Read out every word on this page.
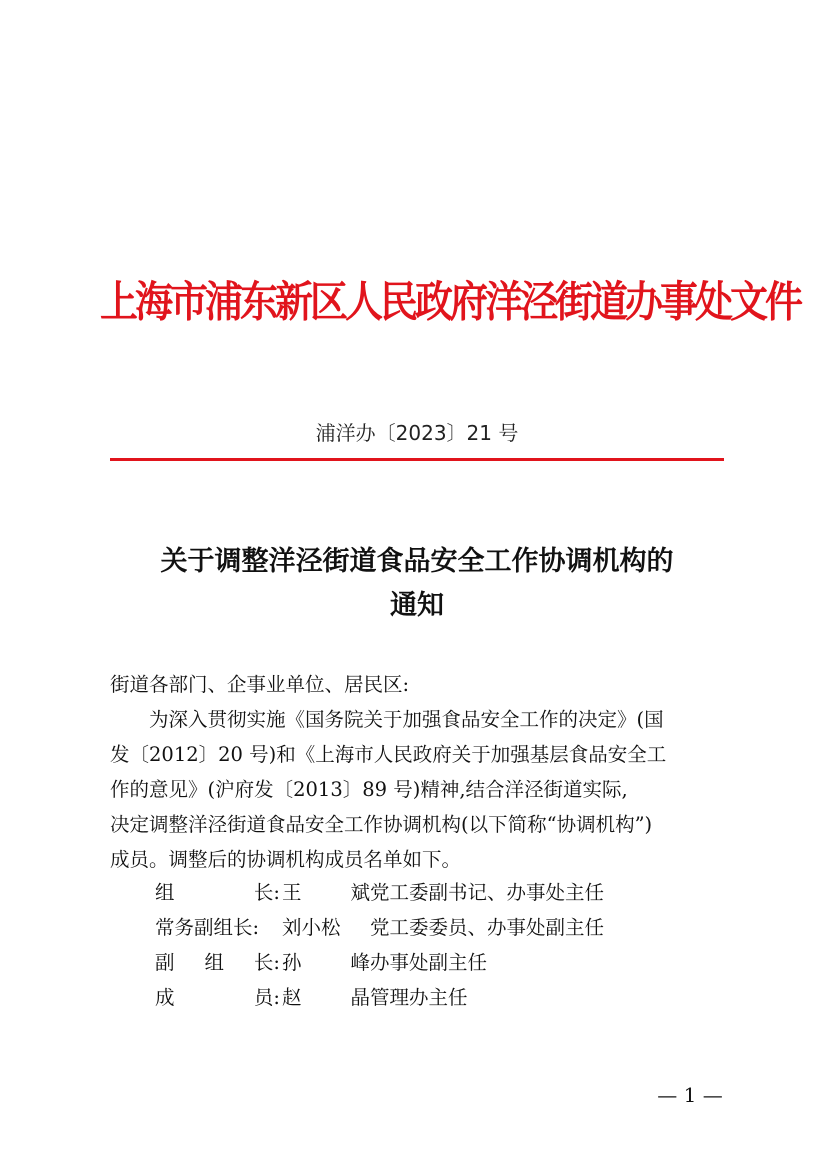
上海市浦东新区人民政府洋泾街道办事处文件
浦洋办〔2023〕21 号
关于调整洋泾街道食品安全工作协调机构的
通知
街道各部门、企事业单位、居民区:
为深入贯彻实施《国务院关于加强食品安全工作的决定》(国
发〔2012〕20 号)和《上海市人民政府关于加强基层食品安全工
作的意见》(沪府发〔2013〕89 号)精神,结合洋泾街道实际,
决定调整洋泾街道食品安全工作协调机构(以下简称“协调机构”)
成员。调整后的协调机构成员名单如下。
组	长: 王	斌 党工委副书记、办事处主任
常务副组长: 刘小松 党工委委员、办事处副主任
副 组 长: 孙	峰 办事处副主任
成	员: 赵	晶 管理办主任
— 1 —
